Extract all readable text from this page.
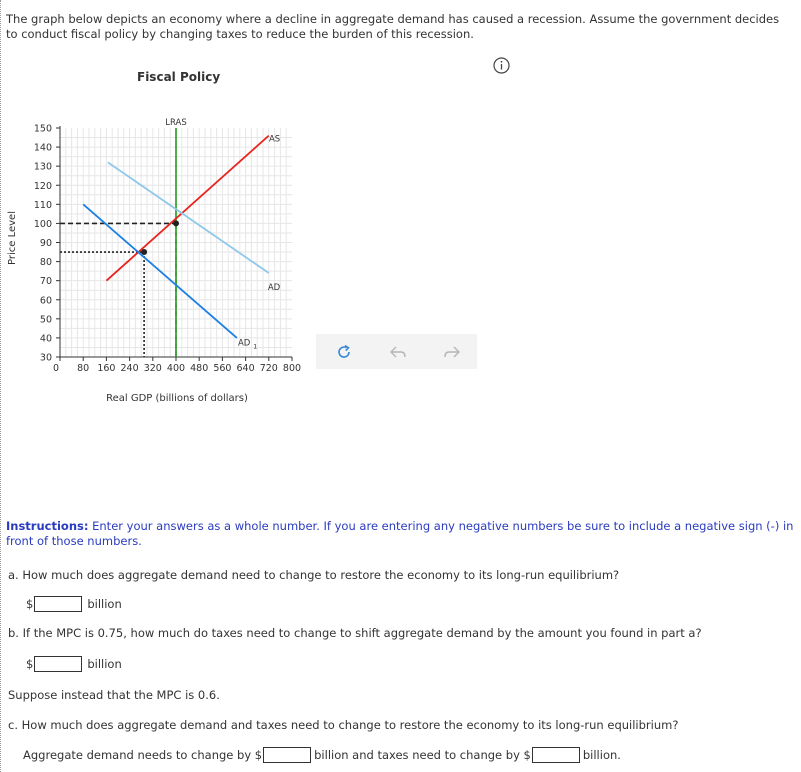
The graph below depicts an economy where a decline in aggregate demand has caused a recession. Assume the government decides to conduct fiscal policy by changing taxes to reduce the burden of this recession.
Fiscal Policy
0 80 160 240 320 400 480 560 640 720 800
30
40
50
60
70
80
90
100
110
120
130
140
150
LRAS
AS
AD
AD 1
Price Level
Real GDP (billions of dollars)
Instructions: Enter your answers as a whole number. If you are entering any negative numbers be sure to include a negative sign (-) in front of those numbers.
a. How much does aggregate demand need to change to restore the economy to its long-run equilibrium?
$	billion
b. If the MPC is 0.75, how much do taxes need to change to shift aggregate demand by the amount you found in part a?
$	billion
Suppose instead that the MPC is 0.6.
c. How much does aggregate demand and taxes need to change to restore the economy to its long-run equilibrium?
Aggregate demand needs to change by $	billion and taxes need to change by $	billion.
